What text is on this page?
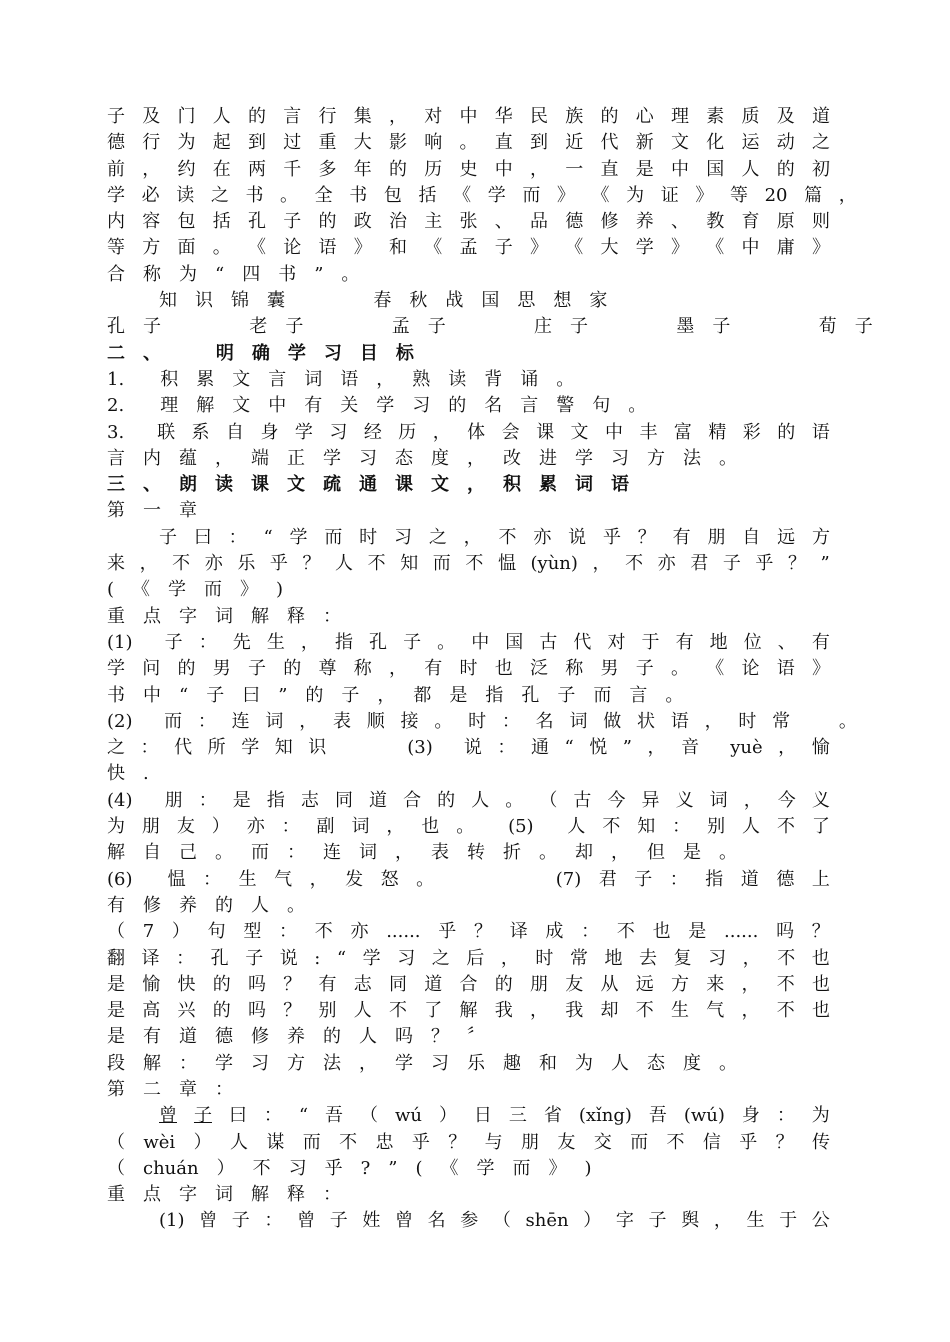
子 及 门 人 的 言 行 集 ， 对 中 华 民 族 的 心 理 素 质 及 道
德 行 为 起 到 过 重 大 影 响 。 直 到 近 代 新 文 化 运 动 之
前 ， 约 在 两 千 多 年 的 历 史 中 ， 一 直 是 中 国 人 的 初
学 必 读 之 书 。 全 书 包 括 《 学 而 》 《 为 证 》 等 20 篇 ，
内 容 包 括 孔 子 的 政 治 主 张 、 品 德 修 养 、 教 育 原 则
等 方 面 。 《 论 语 》 和 《 孟 子 》 《 大 学 》 《 中 庸 》
合 称 为 “ 四 书 ” 。
知 识 锦 囊

	春 秋 战 国 思 想 家
孔 子

	老 子

	孟 子

	庄 子

	墨 子

	荀 子
二 、
	明 确 学 习 目 标
1. 积 累 文 言 词 语 ， 熟 读 背 诵 。
2. 理 解 文 中 有 关 学 习 的 名 言 警 句 。
3. 联 系 自 身 学 习 经 历 ， 体 会 课 文 中 丰 富 精 彩 的 语
言 内 蕴 ， 端 正 学 习 态 度 ， 改 进 学 习 方 法 。
三 、 朗 读 课 文 疏 通 课 文 ， 积 累 词 语
第 一 章
子 曰 ： “ 学 而 时 习 之 ， 不 亦 说 乎 ？ 有 朋 自 远 方
来 ， 不 亦 乐 乎 ？ 人 不 知 而 不 愠 (yùn) ， 不 亦 君 子 乎 ？ ”
( 《 学 而 》 )
重 点 字 词 解 释 ：
(1) 子 ： 先 生 ， 指 孔 子 。 中 国 古 代 对 于 有 地 位 、 有
学 问 的 男 子 的 尊 称 ， 有 时 也 泛 称 男 子 。 《 论 语 》
书 中 “ 子 曰 ” 的 子 ， 都 是 指 孔 子 而 言 。
(2) 而 ： 连 词 ， 表 顺 接 。 时 ： 名 词 做 状 语 ， 时 常
	。
之 ： 代 所 学 知 识

	(3) 说 ： 通 “ 悦 ” ， 音 yuè ， 愉
快 .
(4) 朋 ： 是 指 志 同 道 合 的 人 。 （ 古 今 异 义 词 ， 今 义
为 朋 友 ） 亦 ： 副 词 ， 也 。 (5) 人 不 知 ： 别 人 不 了
解 自 己 。 而 ： 连 词 ， 表 转 折 。 却 ， 但 是 。
(6) 愠 ： 生 气 ， 发 怒 。

	(7) 君 子 ： 指 道 德 上
有 修 养 的 人 。
（ 7 ） 句 型 ： 不 亦 ...... 乎 ？ 译 成 ： 不 也 是 ...... 吗 ？
翻 译 ： 孔 子 说 : “ 学 习 之 后 ， 时 常 地 去 复 习 ， 不 也
是 愉 快 的 吗 ？ 有 志 同 道 合 的 朋 友 从 远 方 来 ， 不 也
是 高 兴 的 吗 ？ 别 人 不 了 解 我 ， 我 却 不 生 气 ， 不 也
是 有 道 德 修 养 的 人 吗 ？ 〞
段 解 ： 学 习 方 法 ， 学 习 乐 趣 和 为 人 态 度 。
第 二 章 ：
曾 子 曰 ： “ 吾 （ wú ） 日 三 省 (xǐng) 吾 (wú) 身 ： 为
（ wèi ） 人 谋 而 不 忠 乎 ？ 与 朋 友 交 而 不 信 乎 ？ 传
（ chuán ） 不 习 乎 ? ” ( 《 学 而 》 )
重 点 字 词 解 释 ：
(1) 曾 子 ： 曾 子 姓 曾 名 参 （ shēn ） 字 子 舆 ， 生 于 公
